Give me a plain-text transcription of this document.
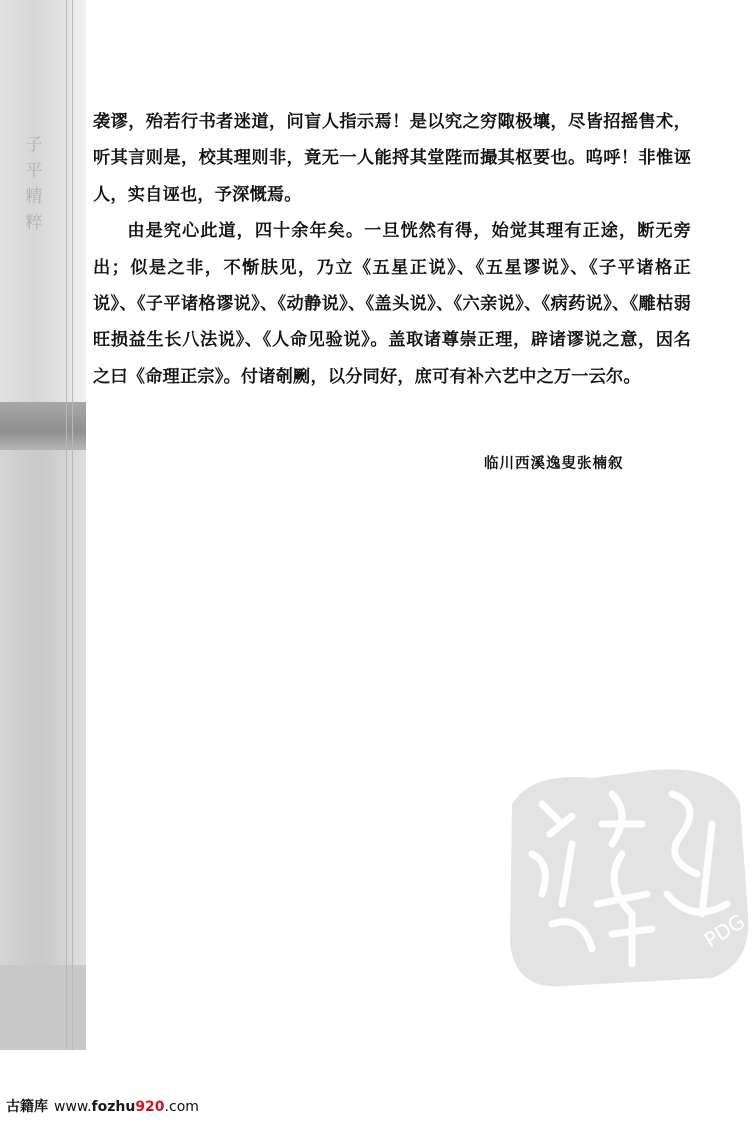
子
平
精
粹

袭谬，殆若行书者迷道，问盲人指示焉！是以究之穷陬极壤，尽皆招摇售术，听其言则是，校其理则非，竟无一人能捋其堂陛而撮其枢要也。呜呼！非惟诬人，实自诬也，予深慨焉。

由是究心此道，四十余年矣。一旦恍然有得，始觉其理有正途，断无旁出；似是之非，不惭肤见，乃立《五星正说》、《五星谬说》、《子平诸格正说》、《子平诸格谬说》、《动静说》、《盖头说》、《六亲说》、《病药说》、《雕枯弱旺损益生长八法说》、《人命见验说》。盖取诸尊崇正理，辟诸谬说之意，因名之曰《命理正宗》。付诸剞劂，以分同好，庶可有补六艺中之万一云尔。

临川西溪逸叟张楠叙
PDG
古籍库 www.fozhu920.com
